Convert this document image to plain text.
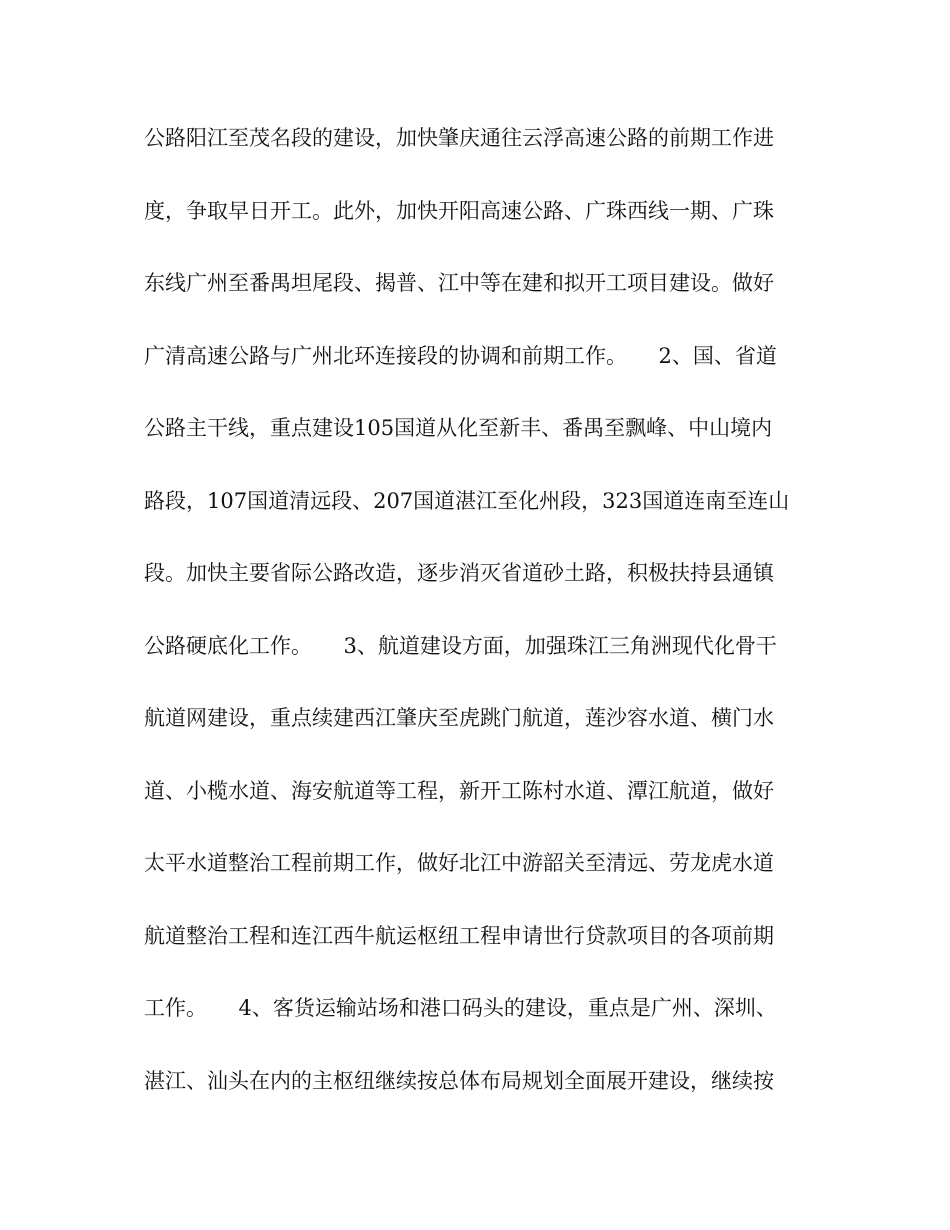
公路阳江至茂名段的建设，加快肇庆通往云浮高速公路的前期工作进
度，争取早日开工。此外，加快开阳高速公路、广珠西线一期、广珠
东线广州至番禺坦尾段、揭普、江中等在建和拟开工项目建设。做好
广清高速公路与广州北环连接段的协调和前期工作。　　2、国、省道
公路主干线，重点建设105国道从化至新丰、番禺至飘峰、中山境内
路段，107国道清远段、207国道湛江至化州段，323国道连南至连山
段。加快主要省际公路改造，逐步消灭省道砂土路，积极扶持县通镇
公路硬底化工作。　　3、航道建设方面，加强珠江三角洲现代化骨干
航道网建设，重点续建西江肇庆至虎跳门航道，莲沙容水道、横门水
道、小榄水道、海安航道等工程，新开工陈村水道、潭江航道，做好
太平水道整治工程前期工作，做好北江中游韶关至清远、劳龙虎水道
航道整治工程和连江西牛航运枢纽工程申请世行贷款项目的各项前期
工作。　　4、客货运输站场和港口码头的建设，重点是广州、深圳、
湛江、汕头在内的主枢纽继续按总体布局规划全面展开建设，继续按
